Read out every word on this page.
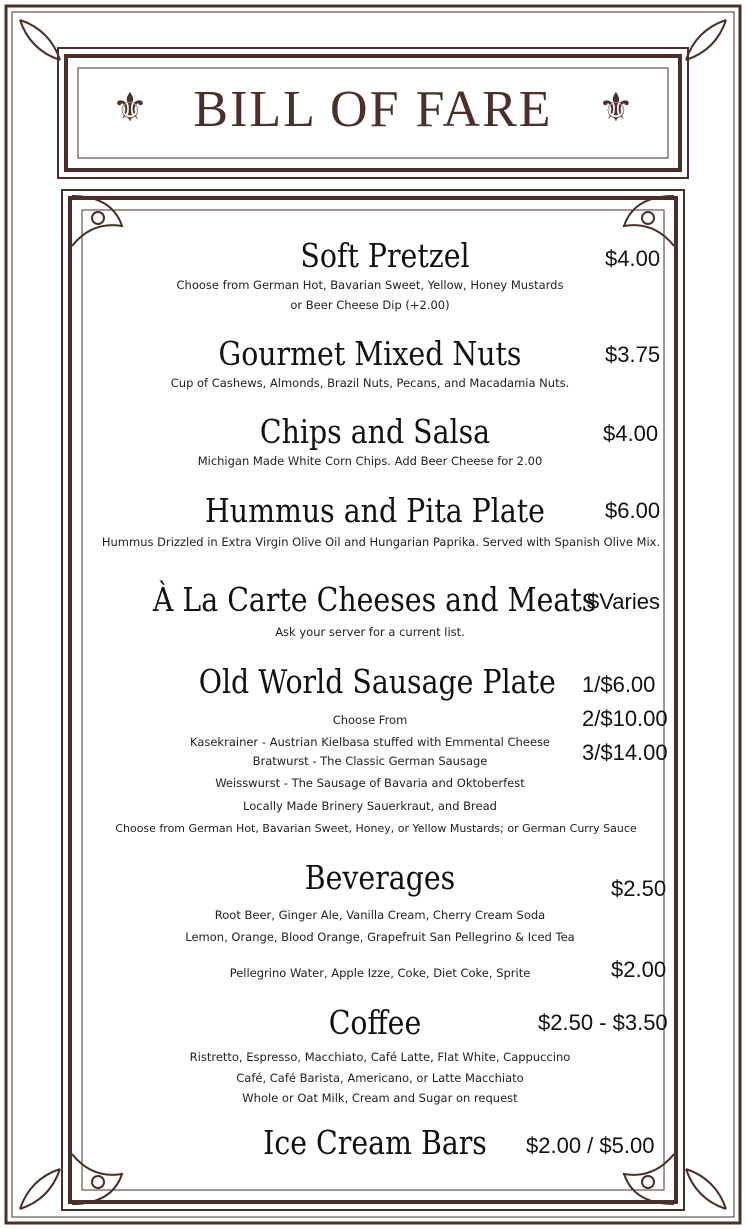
⚜	⚜
BILL OF FARE
Soft Pretzel	$4.00
Choose from German Hot, Bavarian Sweet, Yellow, Honey Mustards
or Beer Cheese Dip (+2.00)
Gourmet Mixed Nuts	$3.75
Cup of Cashews, Almonds, Brazil Nuts, Pecans, and Macadamia Nuts.
Chips and Salsa	$4.00
Michigan Made White Corn Chips. Add Beer Cheese for 2.00
Hummus and Pita Plate	$6.00
Hummus Drizzled in Extra Virgin Olive Oil and Hungarian Paprika. Served with Spanish Olive Mix.
À La Carte Cheeses and Meats
$Varies
Ask your server for a current list.
Old World Sausage Plate 1/$6.00
2/$10.00
3/$14.00
Choose From
Kasekrainer - Austrian Kielbasa stuffed with Emmental Cheese
Bratwurst - The Classic German Sausage
Weisswurst - The Sausage of Bavaria and Oktoberfest
Locally Made Brinery Sauerkraut, and Bread
Choose from German Hot, Bavarian Sweet, Honey, or Yellow Mustards; or German Curry Sauce
Beverages	$2.50
Root Beer, Ginger Ale, Vanilla Cream, Cherry Cream Soda
Lemon, Orange, Blood Orange, Grapefruit San Pellegrino & Iced Tea
Pellegrino Water, Apple Izze, Coke, Diet Coke, Sprite	$2.00
Coffee	$2.50 - $3.50
Ristretto, Espresso, Macchiato, Café Latte, Flat White, Cappuccino
Café, Café Barista, Americano, or Latte Macchiato
Whole or Oat Milk, Cream and Sugar on request
Ice Cream Bars $2.00 / $5.00
